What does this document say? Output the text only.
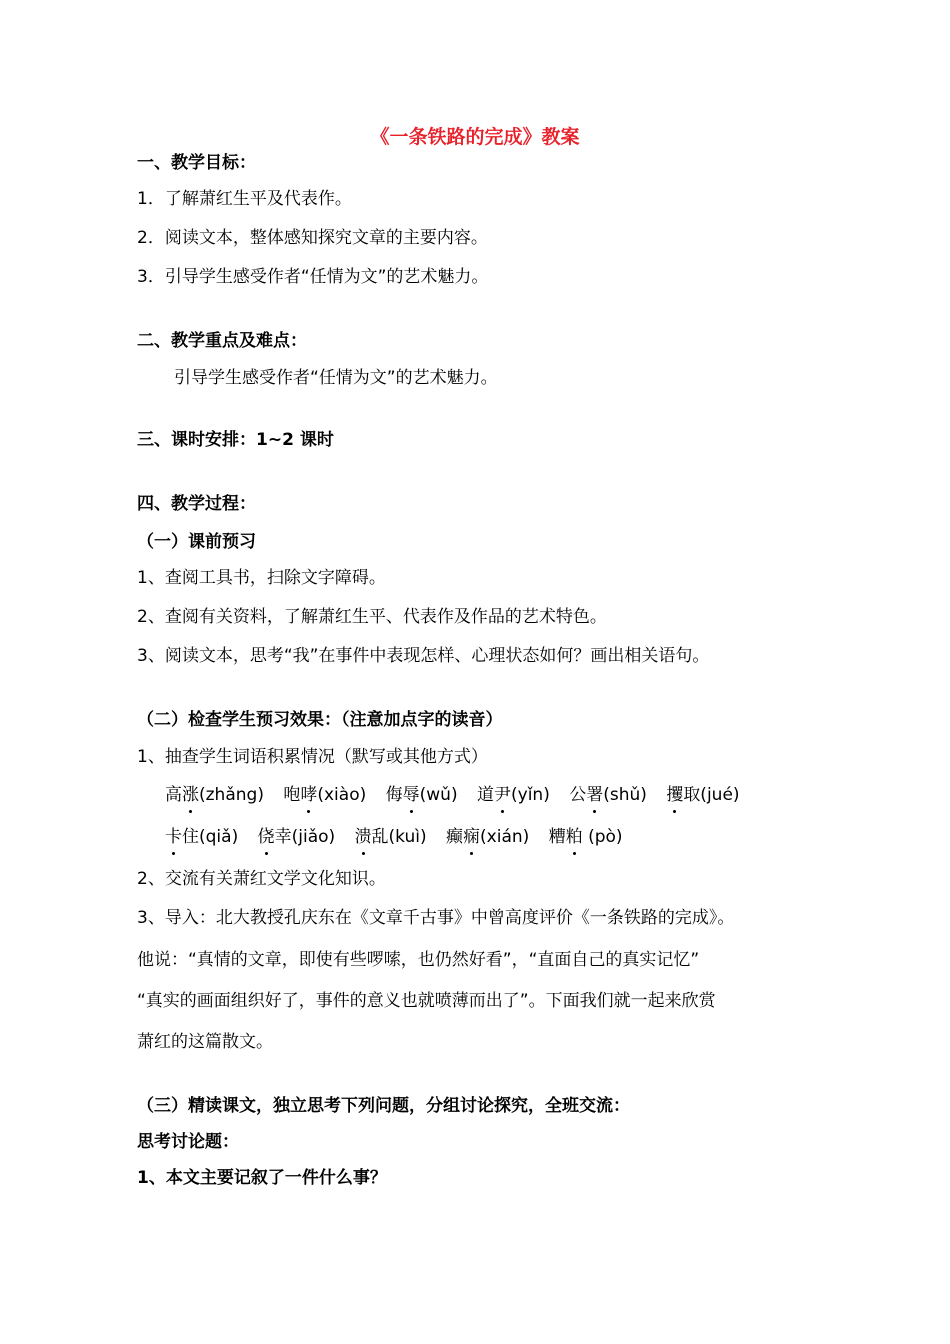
《一条铁路的完成》教案
一、教学目标：
1．了解萧红生平及代表作。
2．阅读文本，整体感知探究文章的主要内容。
3．引导学生感受作者“任情为文”的艺术魅力。
二、教学重点及难点：
引导学生感受作者“任情为文”的艺术魅力。
三、课时安排：1~2 课时
四、教学过程：
（一）课前预习
1、查阅工具书，扫除文字障碍。
2、查阅有关资料，了解萧红生平、代表作及作品的艺术特色。
3、阅读文本，思考“我”在事件中表现怎样、心理状态如何？画出相关语句。
（二）检查学生预习效果：（注意加点字的读音）
1、抽查学生词语积累情况（默写或其他方式）
高涨(zhǎng) 咆哮(xiào) 侮辱(wǔ) 道尹(yǐn) 公署(shǔ) 攫取(jué)
卡住(qiǎ) 侥幸(jiǎo) 溃乱(kuì) 癫痫(xián) 糟粕 (pò)
2、交流有关萧红文学文化知识。
3、导入：北大教授孔庆东在《文章千古事》中曾高度评价《一条铁路的完成》。
他说：“真情的文章，即使有些啰嗦，也仍然好看”，“直面自己的真实记忆”
“真实的画面组织好了，事件的意义也就喷薄而出了”。下面我们就一起来欣赏
萧红的这篇散文。
（三）精读课文，独立思考下列问题，分组讨论探究，全班交流：
思考讨论题：
1、本文主要记叙了一件什么事？
